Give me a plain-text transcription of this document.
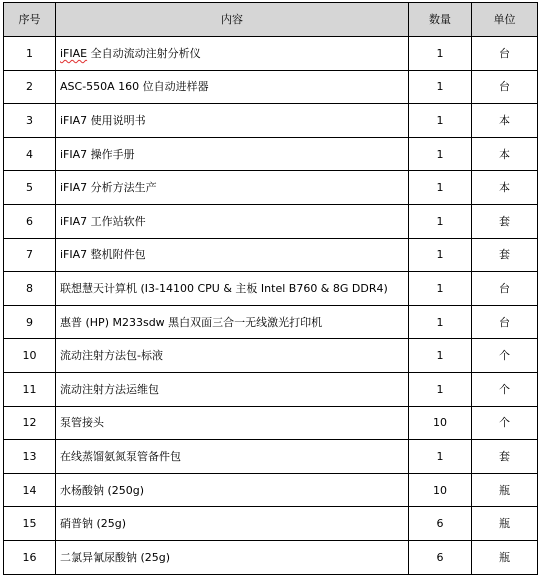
序号	内容	数量	单位
1	iFIAE 全自动流动注射分析仪	1	台
2	ASC-550A 160 位自动进样器	1	台
3	iFIA7 使用说明书	1	本
4	iFIA7 操作手册	1	本
5	iFIA7 分析方法生产	1	本
6	iFIA7 工作站软件	1	套
7	iFIA7 整机附件包	1	套
8	联想慧天计算机 (I3-14100 CPU & 主板 Intel B760 & 8G DDR4)	1	台
9	惠普 (HP) M233sdw 黑白双面三合一无线激光打印机	1	台
10	流动注射方法包-标液	1	个
11	流动注射方法运维包	1	个
12	泵管接头	10	个
13	在线蒸馏氨氮泵管备件包	1	套
14	水杨酸钠 (250g)	10	瓶
15	硝普钠 (25g)	6	瓶
16	二氯异氰尿酸钠 (25g)	6	瓶
